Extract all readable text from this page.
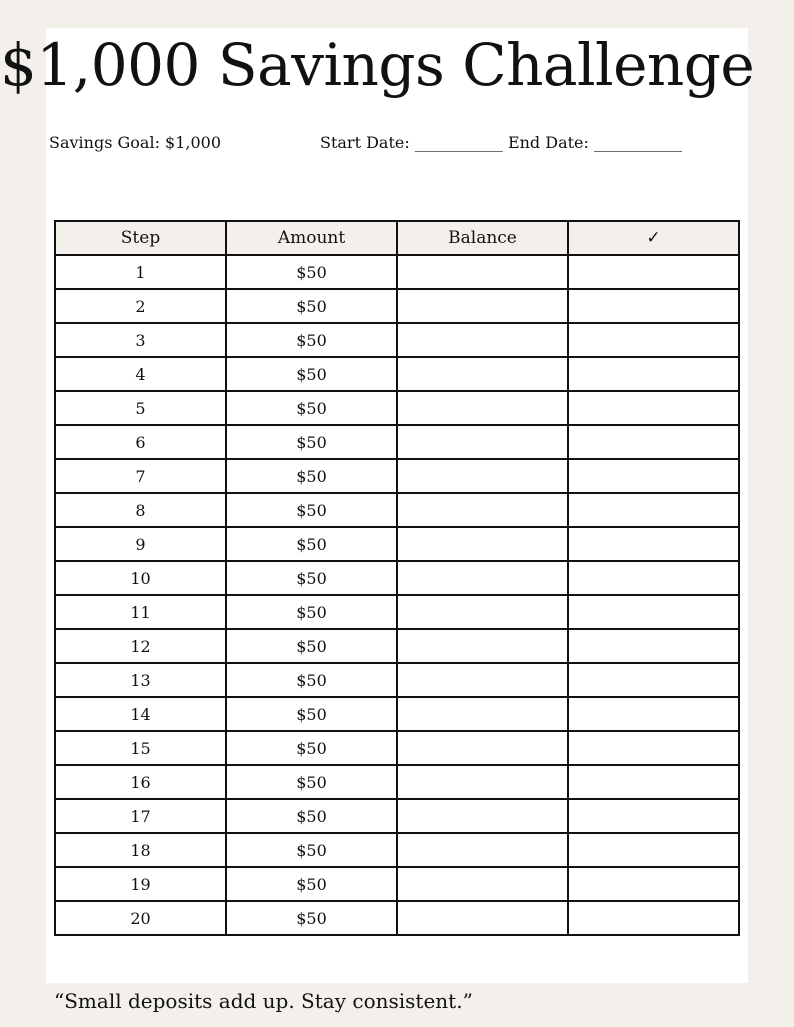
$1,000 Savings Challenge
Savings Goal: $1,000	Start Date: ___________ End Date: ___________
Step	Amount	Balance	✓
1	$50		
2	$50		
3	$50		
4	$50		
5	$50		
6	$50		
7	$50		
8	$50		
9	$50		
10	$50		
11	$50		
12	$50		
13	$50		
14	$50		
15	$50		
16	$50		
17	$50		
18	$50		
19	$50		
20	$50		
“Small deposits add up. Stay consistent.”
